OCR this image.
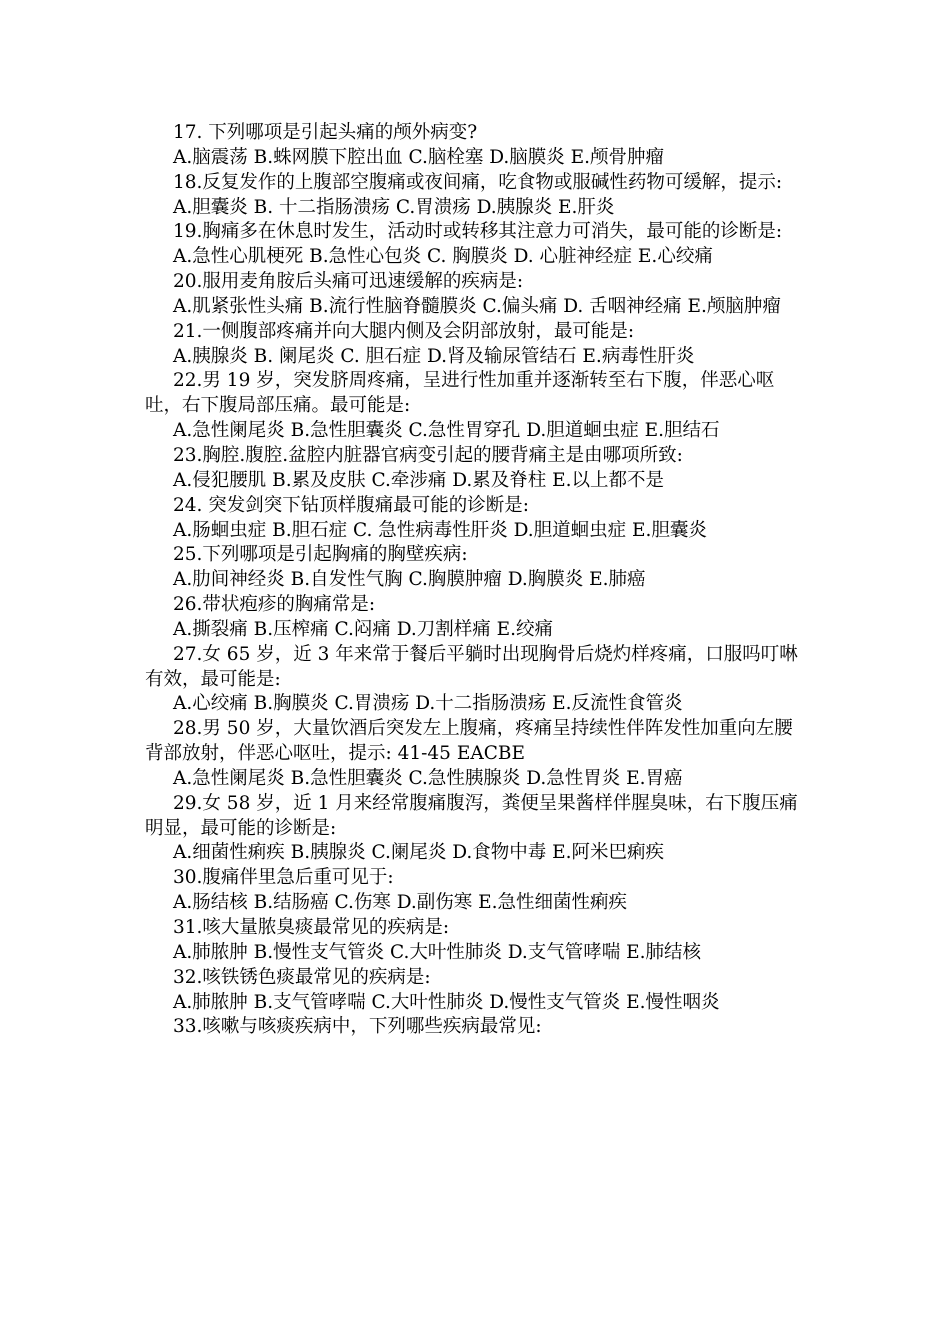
17. 下列哪项是引起头痛的颅外病变?

A.脑震荡 B.蛛网膜下腔出血 C.脑栓塞 D.脑膜炎 E.颅骨肿瘤

18.反复发作的上腹部空腹痛或夜间痛，吃食物或服碱性药物可缓解，提示:

A.胆囊炎 B. 十二指肠溃疡 C.胃溃疡 D.胰腺炎 E.肝炎

19.胸痛多在休息时发生，活动时或转移其注意力可消失，最可能的诊断是:

A.急性心肌梗死 B.急性心包炎 C. 胸膜炎 D. 心脏神经症 E.心绞痛

20.服用麦角胺后头痛可迅速缓解的疾病是:

A.肌紧张性头痛 B.流行性脑脊髓膜炎 C.偏头痛 D. 舌咽神经痛 E.颅脑肿瘤

21.一侧腹部疼痛并向大腿内侧及会阴部放射，最可能是:

A.胰腺炎 B. 阑尾炎 C. 胆石症 D.肾及输尿管结石 E.病毒性肝炎

22.男 19 岁，突发脐周疼痛，呈进行性加重并逐渐转至右下腹，伴恶心呕吐，右下腹局部压痛。最可能是:

A.急性阑尾炎 B.急性胆囊炎 C.急性胃穿孔 D.胆道蛔虫症 E.胆结石

23.胸腔.腹腔.盆腔内脏器官病变引起的腰背痛主是由哪项所致:

A.侵犯腰肌 B.累及皮肤 C.牵涉痛 D.累及脊柱 E.以上都不是

24. 突发剑突下钻顶样腹痛最可能的诊断是:

A.肠蛔虫症 B.胆石症 C. 急性病毒性肝炎 D.胆道蛔虫症 E.胆囊炎

25.下列哪项是引起胸痛的胸壁疾病:

A.肋间神经炎 B.自发性气胸 C.胸膜肿瘤 D.胸膜炎 E.肺癌

26.带状疱疹的胸痛常是:

A.撕裂痛 B.压榨痛 C.闷痛 D.刀割样痛 E.绞痛

27.女 65 岁，近 3 年来常于餐后平躺时出现胸骨后烧灼样疼痛，口服吗叮啉有效，最可能是:

A.心绞痛 B.胸膜炎 C.胃溃疡 D.十二指肠溃疡 E.反流性食管炎

28.男 50 岁，大量饮酒后突发左上腹痛，疼痛呈持续性伴阵发性加重向左腰背部放射，伴恶心呕吐，提示: 41-45 EACBE

A.急性阑尾炎 B.急性胆囊炎 C.急性胰腺炎 D.急性胃炎 E.胃癌

29.女 58 岁，近 1 月来经常腹痛腹泻，粪便呈果酱样伴腥臭味，右下腹压痛明显，最可能的诊断是:

A.细菌性痢疾 B.胰腺炎 C.阑尾炎 D.食物中毒 E.阿米巴痢疾

30.腹痛伴里急后重可见于:

A.肠结核 B.结肠癌 C.伤寒 D.副伤寒 E.急性细菌性痢疾

31.咳大量脓臭痰最常见的疾病是:

A.肺脓肿 B.慢性支气管炎 C.大叶性肺炎 D.支气管哮喘 E.肺结核

32.咳铁锈色痰最常见的疾病是:

A.肺脓肿 B.支气管哮喘 C.大叶性肺炎 D.慢性支气管炎 E.慢性咽炎

33.咳嗽与咳痰疾病中，下列哪些疾病最常见:
